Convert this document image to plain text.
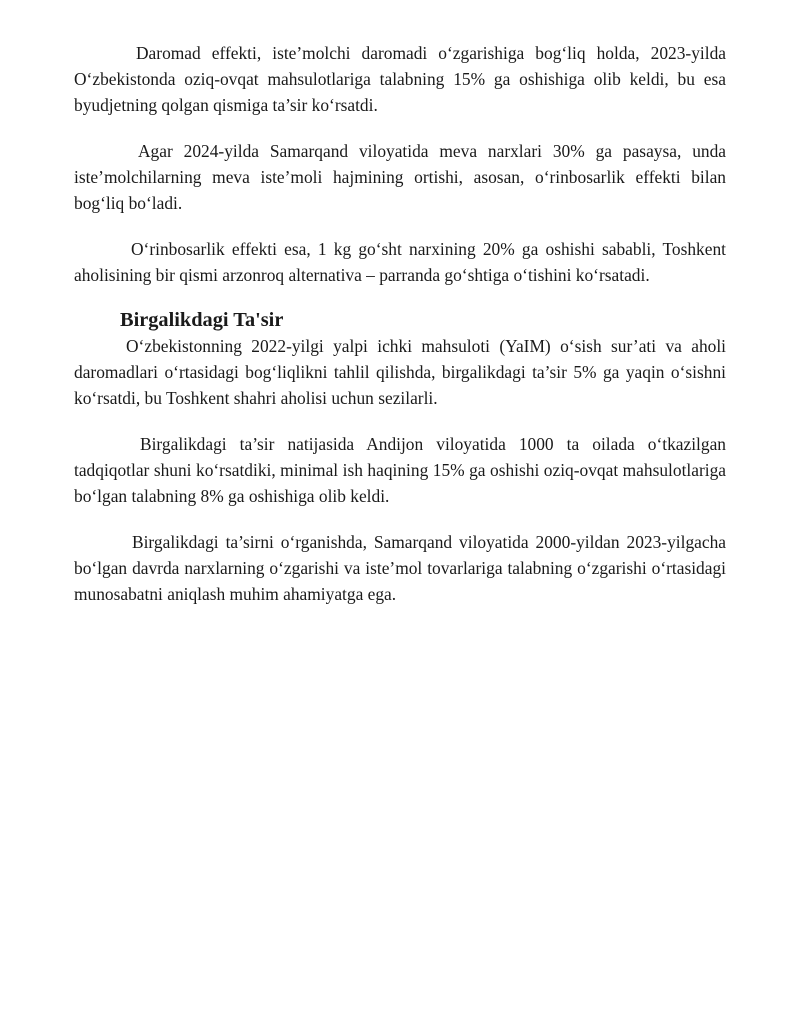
Daromad effekti, iste’molchi daromadi o‘zgarishiga bog‘liq holda, 2023-yilda O‘zbekistonda oziq-ovqat mahsulotlariga talabning 15% ga oshishiga olib keldi, bu esa byudjetning qolgan qismiga ta’sir ko‘rsatdi.

Agar 2024-yilda Samarqand viloyatida meva narxlari 30% ga pasaysa, unda iste’molchilarning meva iste’moli hajmining ortishi, asosan, o‘rinbosarlik effekti bilan bog‘liq bo‘ladi.

O‘rinbosarlik effekti esa, 1 kg go‘sht narxining 20% ga oshishi sababli, Toshkent aholisining bir qismi arzonroq alternativa – parranda go‘shtiga o‘tishini ko‘rsatadi.

Birgalikdagi Ta'sir

O‘zbekistonning 2022-yilgi yalpi ichki mahsuloti (YaIM) o‘sish sur’ati va aholi daromadlari o‘rtasidagi bog‘liqlikni tahlil qilishda, birgalikdagi ta’sir 5% ga yaqin o‘sishni ko‘rsatdi, bu Toshkent shahri aholisi uchun sezilarli.

Birgalikdagi ta’sir natijasida Andijon viloyatida 1000 ta oilada o‘tkazilgan tadqiqotlar shuni ko‘rsatdiki, minimal ish haqining 15% ga oshishi oziq-ovqat mahsulotlariga bo‘lgan talabning 8% ga oshishiga olib keldi.

Birgalikdagi ta’sirni o‘rganishda, Samarqand viloyatida 2000-yildan 2023-yilgacha bo‘lgan davrda narxlarning o‘zgarishi va iste’mol tovarlariga talabning o‘zgarishi o‘rtasidagi munosabatni aniqlash muhim ahamiyatga ega.
